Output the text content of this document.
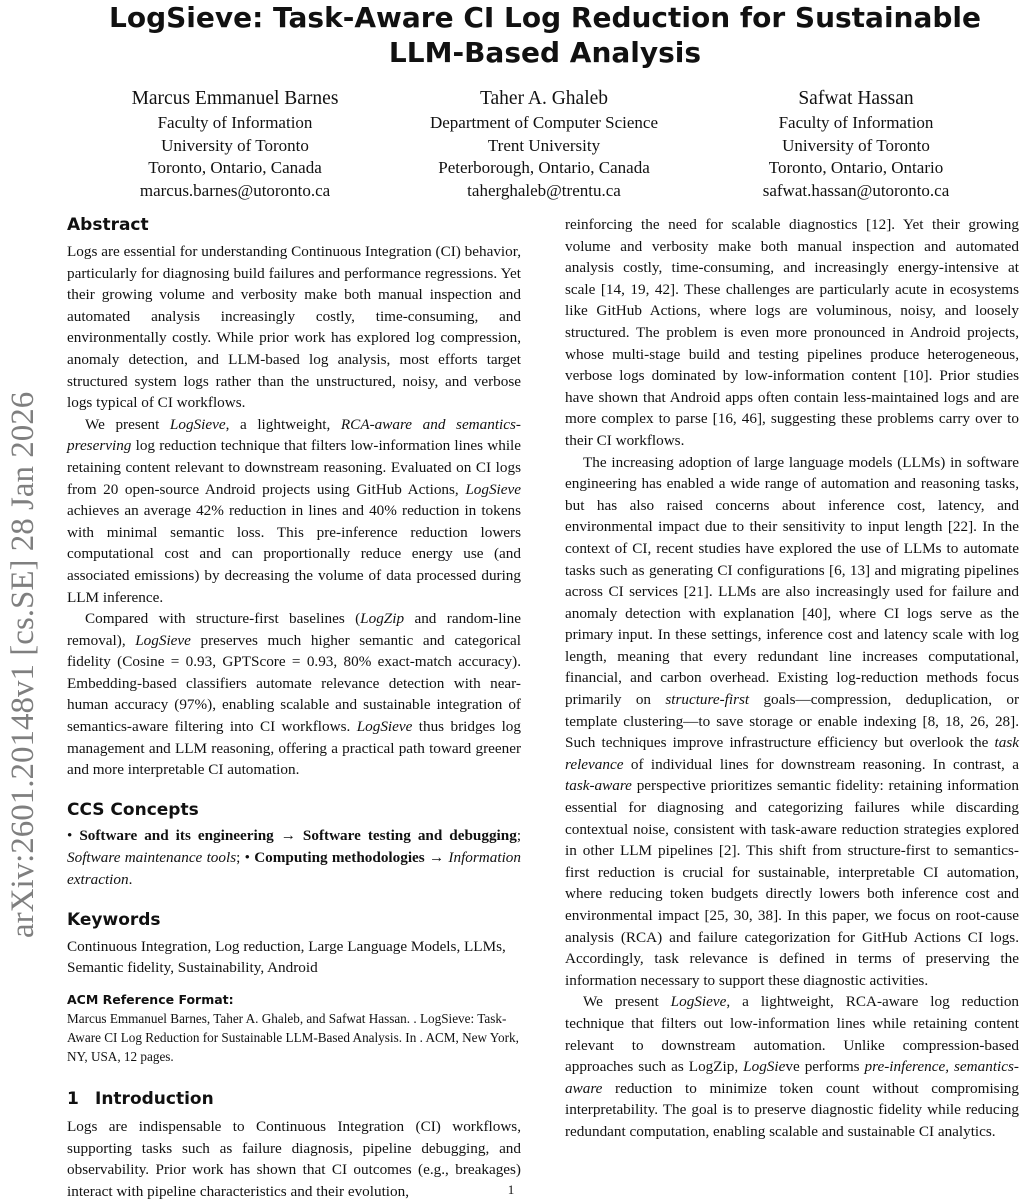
LogSieve: Task-Aware CI Log Reduction for Sustainable LLM-Based Analysis
Marcus Emmanuel Barnes
Faculty of Information
University of Toronto
Toronto, Ontario, Canada
marcus.barnes@utoronto.ca
Taher A. Ghaleb
Department of Computer Science
Trent University
Peterborough, Ontario, Canada
taherghaleb@trentu.ca
Safwat Hassan
Faculty of Information
University of Toronto
Toronto, Ontario, Ontario
safwat.hassan@utoronto.ca
arXiv:2601.20148v1 [cs.SE] 28 Jan 2026
Abstract

Logs are essential for understanding Continuous Integration (CI) behavior, particularly for diagnosing build failures and performance regressions. Yet their growing volume and verbosity make both manual inspection and automated analysis increasingly costly, time-consuming, and environmentally costly. While prior work has explored log compression, anomaly detection, and LLM-based log analysis, most efforts target structured system logs rather than the unstructured, noisy, and verbose logs typical of CI workflows.

We present LogSieve, a lightweight, RCA-aware and semantics-preserving log reduction technique that filters low-information lines while retaining content relevant to downstream reasoning. Evaluated on CI logs from 20 open-source Android projects using GitHub Actions, LogSieve achieves an average 42% reduction in lines and 40% reduction in tokens with minimal semantic loss. This pre-inference reduction lowers computational cost and can proportionally reduce energy use (and associated emissions) by decreasing the volume of data processed during LLM inference.

Compared with structure-first baselines (LogZip and random-line removal), LogSieve preserves much higher semantic and categorical fidelity (Cosine = 0.93, GPTScore = 0.93, 80% exact-match accuracy). Embedding-based classifiers automate relevance detection with near-human accuracy (97%), enabling scalable and sustainable integration of semantics-aware filtering into CI workflows. LogSieve thus bridges log management and LLM reasoning, offering a practical path toward greener and more interpretable CI automation.

CCS Concepts

• Software and its engineering → Software testing and debugging; Software maintenance tools; • Computing methodologies → Information extraction.

Keywords

Continuous Integration, Log reduction, Large Language Models, LLMs, Semantic fidelity, Sustainability, Android

ACM Reference Format:

Marcus Emmanuel Barnes, Taher A. Ghaleb, and Safwat Hassan. . LogSieve: Task-Aware CI Log Reduction for Sustainable LLM-Based Analysis. In . ACM, New York, NY, USA, 12 pages.

1 Introduction

Logs are indispensable to Continuous Integration (CI) workflows, supporting tasks such as failure diagnosis, pipeline debugging, and observability. Prior work has shown that CI outcomes (e.g., breakages) interact with pipeline characteristics and their evolution,

reinforcing the need for scalable diagnostics [12]. Yet their growing volume and verbosity make both manual inspection and automated analysis costly, time-consuming, and increasingly energy-intensive at scale [14, 19, 42]. These challenges are particularly acute in ecosystems like GitHub Actions, where logs are voluminous, noisy, and loosely structured. The problem is even more pronounced in Android projects, whose multi-stage build and testing pipelines produce heterogeneous, verbose logs dominated by low-information content [10]. Prior studies have shown that Android apps often contain less-maintained logs and are more complex to parse [16, 46], suggesting these problems carry over to their CI workflows.

The increasing adoption of large language models (LLMs) in software engineering has enabled a wide range of automation and reasoning tasks, but has also raised concerns about inference cost, latency, and environmental impact due to their sensitivity to input length [22]. In the context of CI, recent studies have explored the use of LLMs to automate tasks such as generating CI configurations [6, 13] and migrating pipelines across CI services [21]. LLMs are also increasingly used for failure and anomaly detection with explanation [40], where CI logs serve as the primary input. In these settings, inference cost and latency scale with log length, meaning that every redundant line increases computational, financial, and carbon overhead. Existing log-reduction methods focus primarily on structure-first goals—compression, deduplication, or template clustering—to save storage or enable indexing [8, 18, 26, 28]. Such techniques improve infrastructure efficiency but overlook the task relevance of individual lines for downstream reasoning. In contrast, a task-aware perspective prioritizes semantic fidelity: retaining information essential for diagnosing and categorizing failures while discarding contextual noise, consistent with task-aware reduction strategies explored in other LLM pipelines [2]. This shift from structure-first to semantics-first reduction is crucial for sustainable, interpretable CI automation, where reducing token budgets directly lowers both inference cost and environmental impact [25, 30, 38]. In this paper, we focus on root-cause analysis (RCA) and failure categorization for GitHub Actions CI logs. Accordingly, task relevance is defined in terms of preserving the information necessary to support these diagnostic activities.

We present LogSieve, a lightweight, RCA-aware log reduction technique that filters out low-information lines while retaining content relevant to downstream automation. Unlike compression-based approaches such as LogZip, LogSieve performs pre-inference, semantics-aware reduction to minimize token count without compromising interpretability. The goal is to preserve diagnostic fidelity while reducing redundant computation, enabling scalable and sustainable CI analytics.

1
